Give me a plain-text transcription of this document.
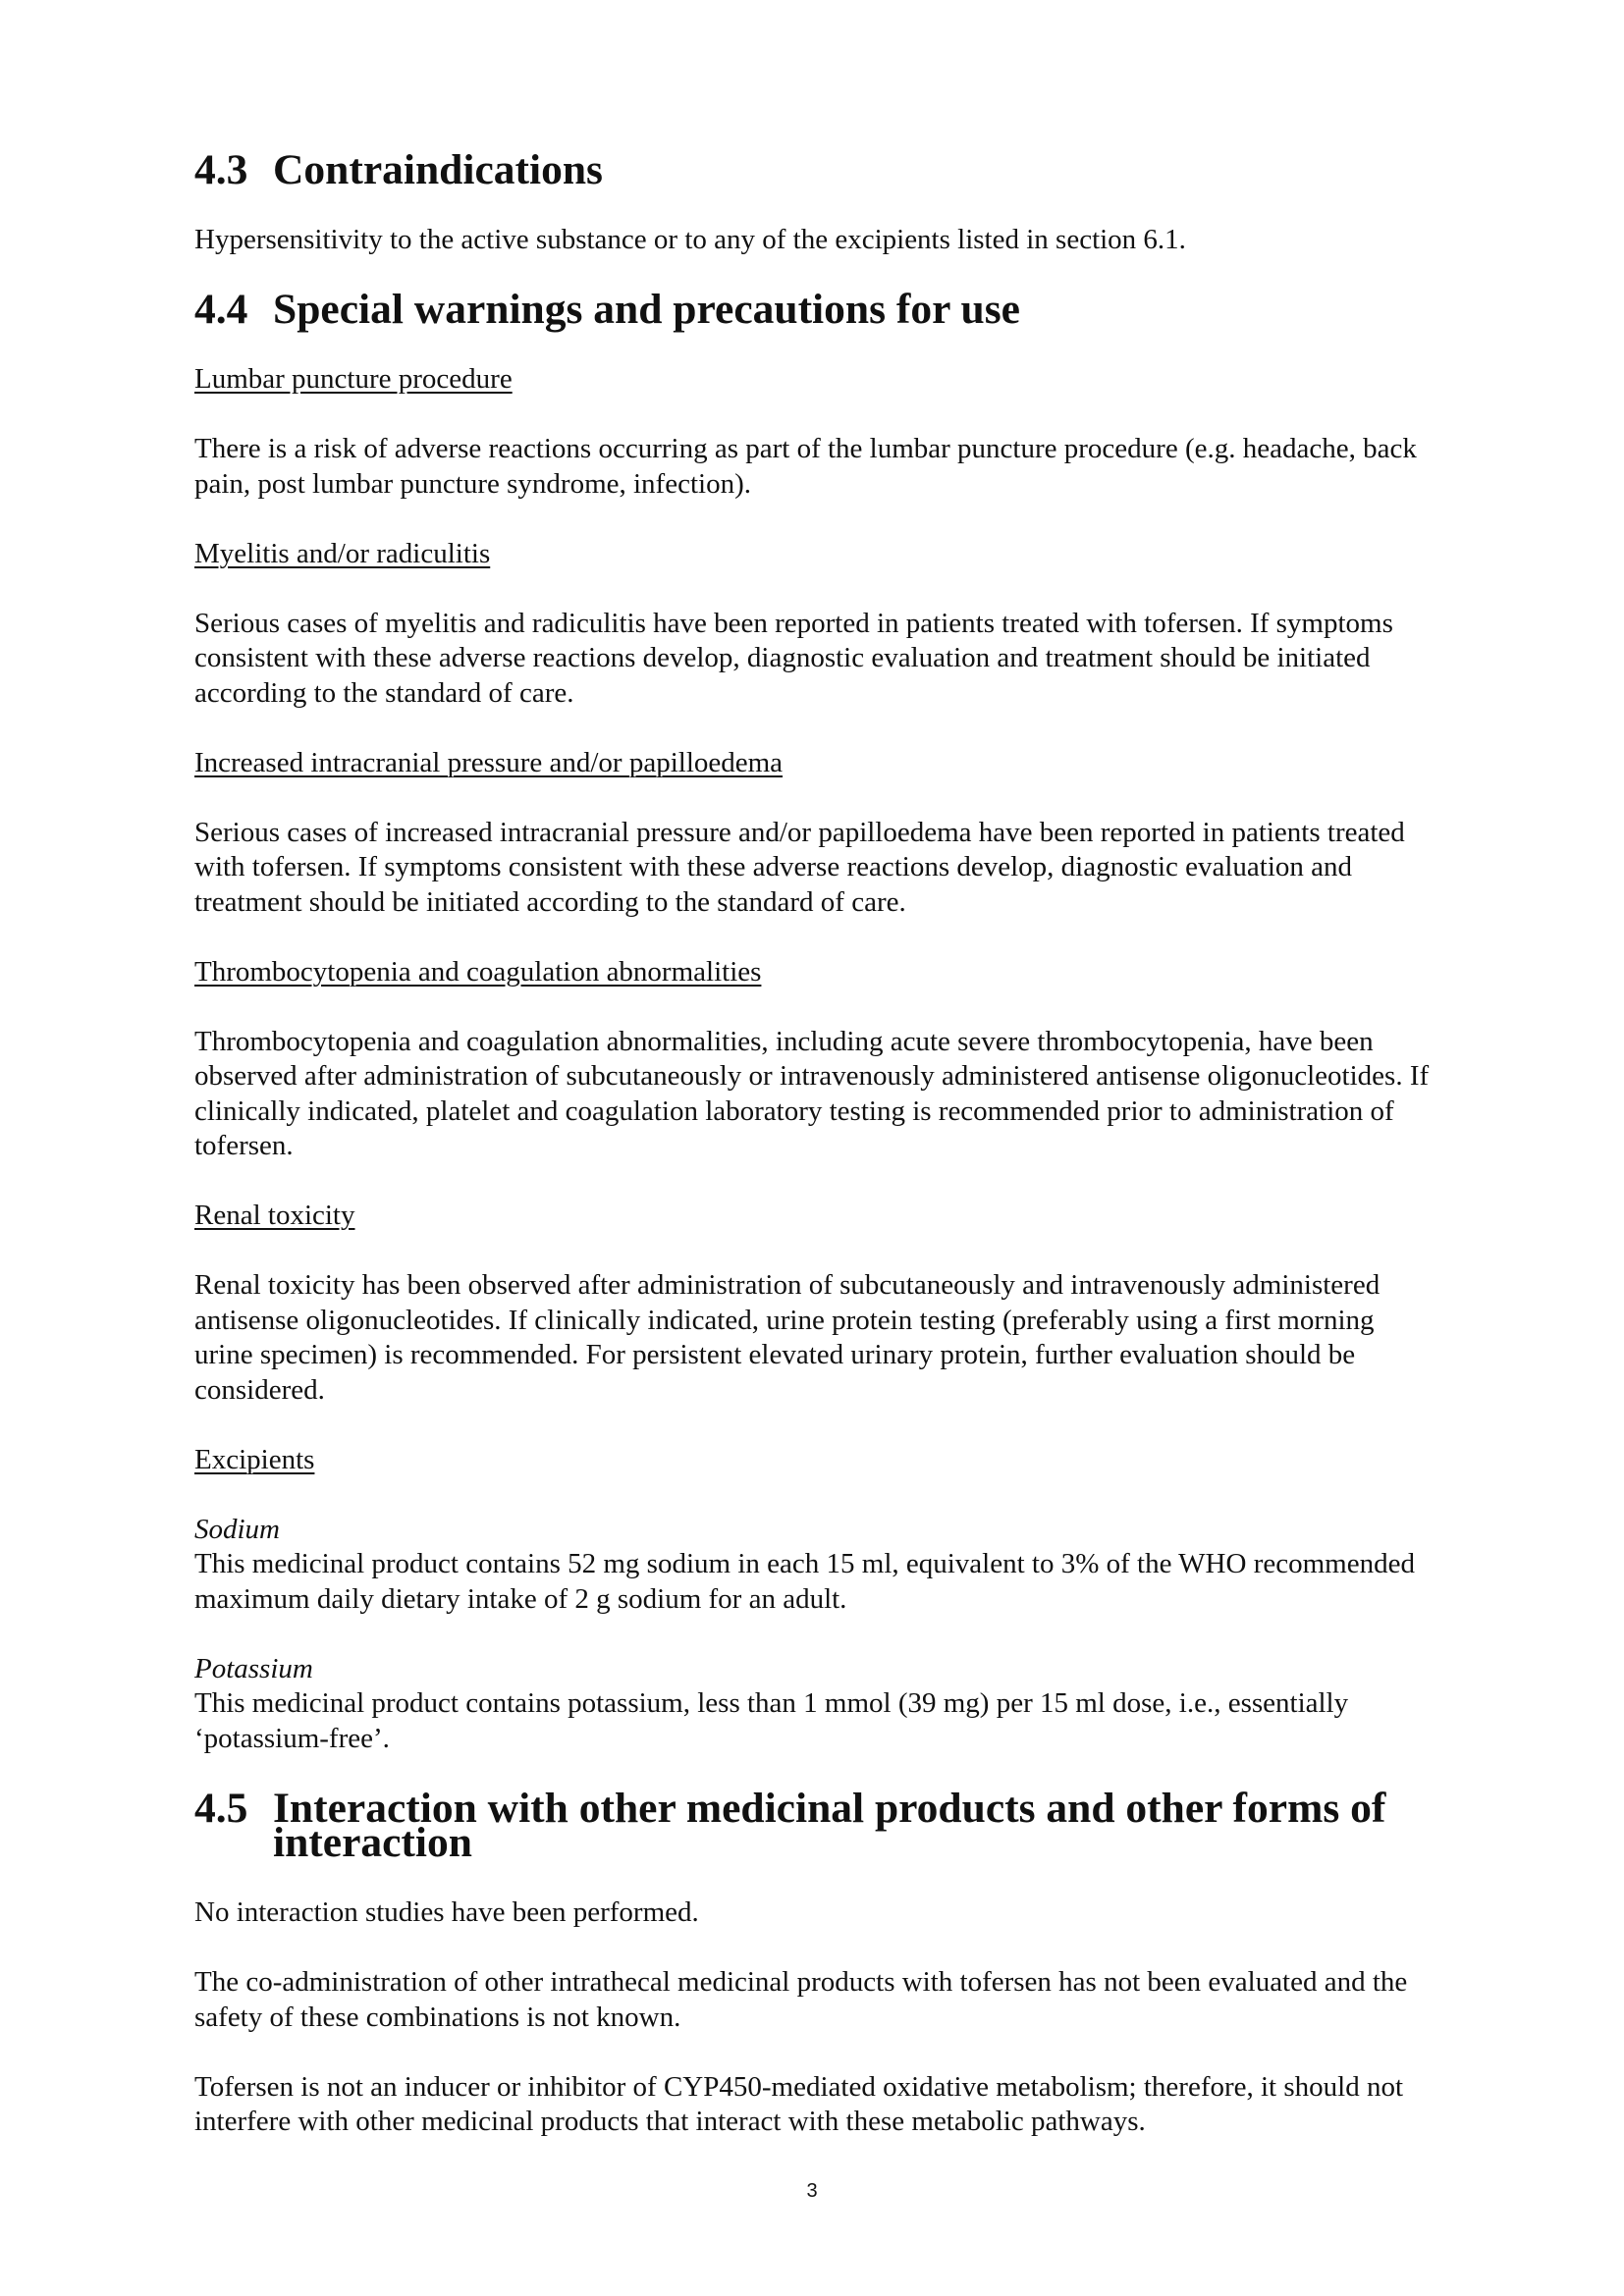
4.3 Contraindications

Hypersensitivity to the active substance or to any of the excipients listed in section 6.1.

4.4 Special warnings and precautions for use

Lumbar puncture procedure

There is a risk of adverse reactions occurring as part of the lumbar puncture procedure (e.g. headache, back pain, post lumbar puncture syndrome, infection).

Myelitis and/or radiculitis

Serious cases of myelitis and radiculitis have been reported in patients treated with tofersen. If symptoms consistent with these adverse reactions develop, diagnostic evaluation and treatment should be initiated according to the standard of care.

Increased intracranial pressure and/or papilloedema

Serious cases of increased intracranial pressure and/or papilloedema have been reported in patients treated with tofersen. If symptoms consistent with these adverse reactions develop, diagnostic evaluation and treatment should be initiated according to the standard of care.

Thrombocytopenia and coagulation abnormalities

Thrombocytopenia and coagulation abnormalities, including acute severe thrombocytopenia, have been observed after administration of subcutaneously or intravenously administered antisense oligonucleotides. If clinically indicated, platelet and coagulation laboratory testing is recommended prior to administration of tofersen.

Renal toxicity

Renal toxicity has been observed after administration of subcutaneously and intravenously administered antisense oligonucleotides. If clinically indicated, urine protein testing (preferably using a first morning urine specimen) is recommended. For persistent elevated urinary protein, further evaluation should be considered.

Excipients

Sodium

This medicinal product contains 52 mg sodium in each 15 ml, equivalent to 3% of the WHO recommended maximum daily dietary intake of 2 g sodium for an adult.

Potassium

This medicinal product contains potassium, less than 1 mmol (39 mg) per 15 ml dose, i.e., essentially ‘potassium-free’.

4.5 Interaction with other medicinal products and other forms of interaction

No interaction studies have been performed.

The co-administration of other intrathecal medicinal products with tofersen has not been evaluated and the safety of these combinations is not known.

Tofersen is not an inducer or inhibitor of CYP450-mediated oxidative metabolism; therefore, it should not interfere with other medicinal products that interact with these metabolic pathways.

3
